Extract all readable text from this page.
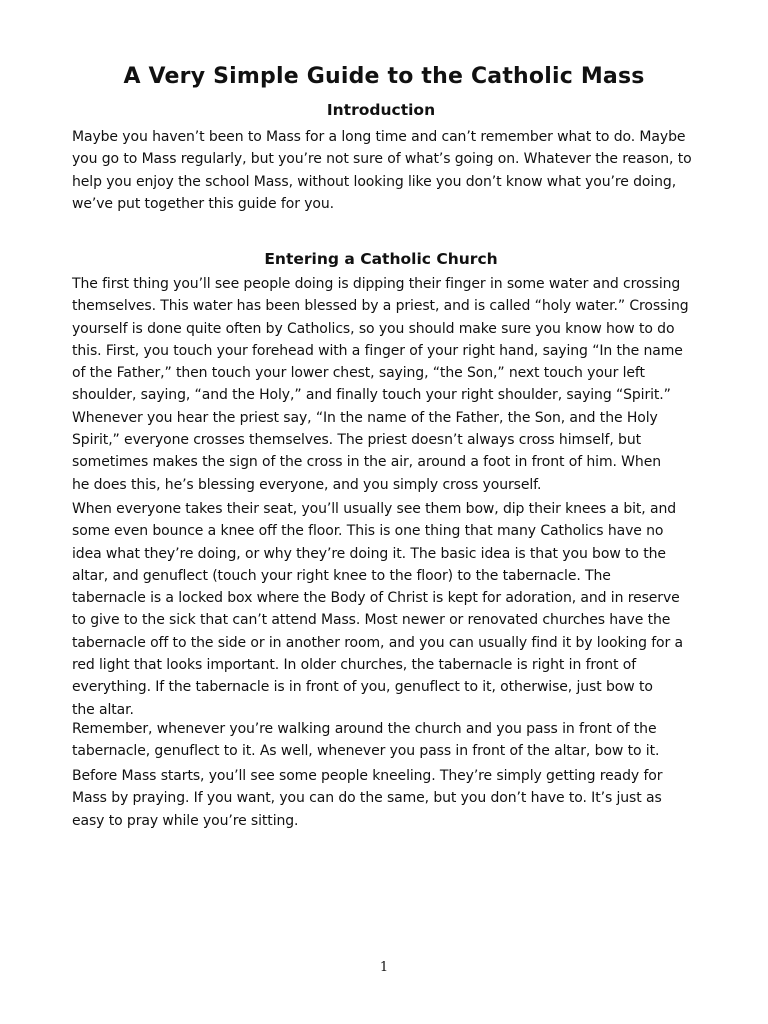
A Very Simple Guide to the Catholic Mass
Introduction

Maybe you haven’t been to Mass for a long time and can’t remember what to do. Maybe
you go to Mass regularly, but you’re not sure of what’s going on. Whatever the reason, to
help you enjoy the school Mass, without looking like you don’t know what you’re doing,
we’ve put together this guide for you.

Entering a Catholic Church

The first thing you’ll see people doing is dipping their finger in some water and crossing
themselves. This water has been blessed by a priest, and is called “holy water.” Crossing
yourself is done quite often by Catholics, so you should make sure you know how to do
this. First, you touch your forehead with a finger of your right hand, saying “In the name
of the Father,” then touch your lower chest, saying, “the Son,” next touch your left
shoulder, saying, “and the Holy,” and finally touch your right shoulder, saying “Spirit.”
Whenever you hear the priest say, “In the name of the Father, the Son, and the Holy
Spirit,” everyone crosses themselves. The priest doesn’t always cross himself, but
sometimes makes the sign of the cross in the air, around a foot in front of him. When
he does this, he’s blessing everyone, and you simply cross yourself.

When everyone takes their seat, you’ll usually see them bow, dip their knees a bit, and
some even bounce a knee off the floor. This is one thing that many Catholics have no
idea what they’re doing, or why they’re doing it. The basic idea is that you bow to the
altar, and genuflect (touch your right knee to the floor) to the tabernacle. The
tabernacle is a locked box where the Body of Christ is kept for adoration, and in reserve
to give to the sick that can’t attend Mass. Most newer or renovated churches have the
tabernacle off to the side or in another room, and you can usually find it by looking for a
red light that looks important. In older churches, the tabernacle is right in front of
everything. If the tabernacle is in front of you, genuflect to it, otherwise, just bow to
the altar.

Remember, whenever you’re walking around the church and you pass in front of the
tabernacle, genuflect to it. As well, whenever you pass in front of the altar, bow to it.

Before Mass starts, you’ll see some people kneeling. They’re simply getting ready for
Mass by praying. If you want, you can do the same, but you don’t have to. It’s just as
easy to pray while you’re sitting.

1
